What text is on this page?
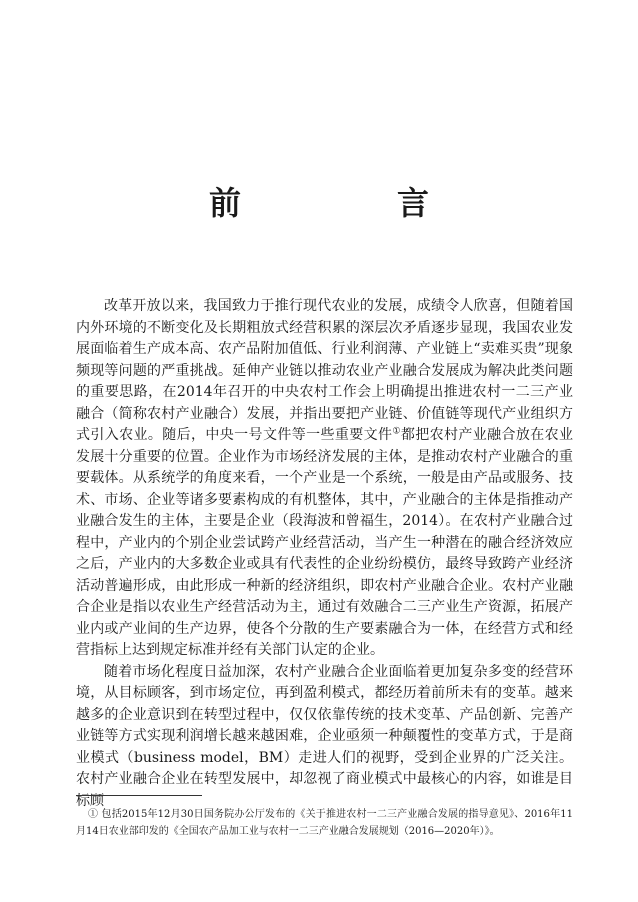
前　言

改革开放以来，我国致力于推行现代农业的发展，成绩令人欣喜，但随着国内外环境的不断变化及长期粗放式经营积累的深层次矛盾逐步显现，我国农业发展面临着生产成本高、农产品附加值低、行业利润薄、产业链上“卖难买贵”现象频现等问题的严重挑战。延伸产业链以推动农业产业融合发展成为解决此类问题的重要思路，在2014年召开的中央农村工作会上明确提出推进农村一二三产业融合（简称农村产业融合）发展，并指出要把产业链、价值链等现代产业组织方式引入农业。随后，中央一号文件等一些重要文件①都把农村产业融合放在农业发展十分重要的位置。企业作为市场经济发展的主体，是推动农村产业融合的重要载体。从系统学的角度来看，一个产业是一个系统，一般是由产品或服务、技术、市场、企业等诸多要素构成的有机整体，其中，产业融合的主体是指推动产业融合发生的主体，主要是企业（段海波和曾福生，2014）。在农村产业融合过程中，产业内的个别企业尝试跨产业经营活动，当产生一种潜在的融合经济效应之后，产业内的大多数企业或具有代表性的企业纷纷模仿，最终导致跨产业经济活动普遍形成，由此形成一种新的经济组织，即农村产业融合企业。农村产业融合企业是指以农业生产经营活动为主，通过有效融合二三产业生产资源，拓展产业内或产业间的生产边界，使各个分散的生产要素融合为一体，在经营方式和经营指标上达到规定标准并经有关部门认定的企业。

随着市场化程度日益加深，农村产业融合企业面临着更加复杂多变的经营环境，从目标顾客，到市场定位，再到盈利模式，都经历着前所未有的变革。越来越多的企业意识到在转型过程中，仅仅依靠传统的技术变革、产品创新、完善产业链等方式实现利润增长越来越困难，企业亟须一种颠覆性的变革方式，于是商业模式（business model，BM）走进人们的视野，受到企业界的广泛关注。农村产业融合企业在转型发展中，却忽视了商业模式中最核心的内容，如谁是目标顾

① 包括2015年12月30日国务院办公厅发布的《关于推进农村一二三产业融合发展的指导意见》、2016年11月14日农业部印发的《全国农产品加工业与农村一二三产业融合发展规划（2016—2020年）》。
